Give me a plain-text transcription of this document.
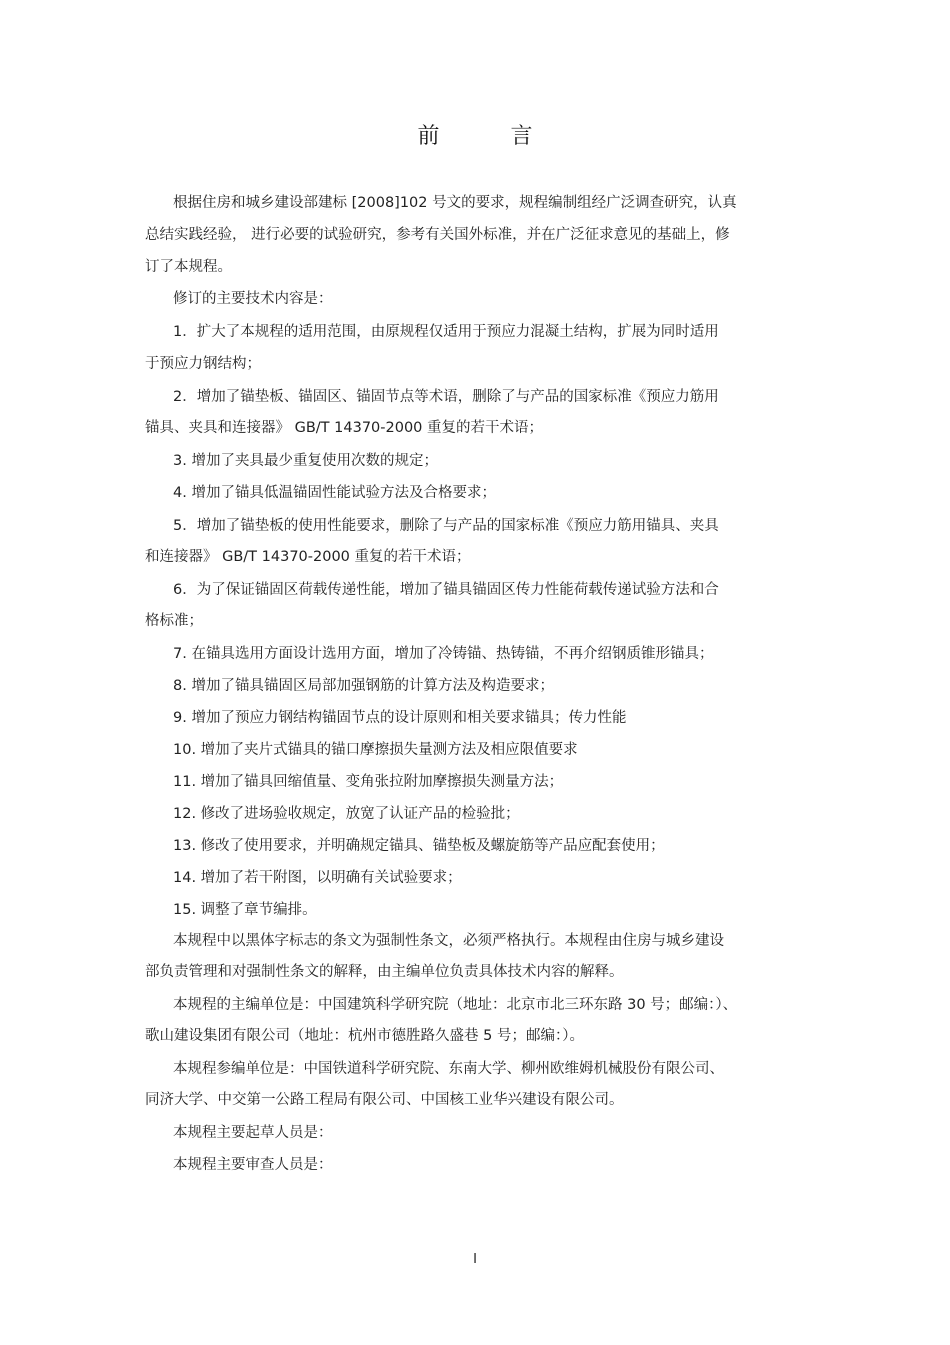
前 言
根据住房和城乡建设部建标 [2008]102 号文的要求，规程编制组经广泛调查研究，认真
总结实践经验， 进行必要的试验研究，参考有关国外标准，并在广泛征求意见的基础上，修
订了本规程。
修订的主要技术内容是：
1．扩大了本规程的适用范围，由原规程仅适用于预应力混凝土结构，扩展为同时适用
于预应力钢结构；
2．增加了锚垫板、锚固区、锚固节点等术语，删除了与产品的国家标准《预应力筋用
锚具、夹具和连接器》 GB/T 14370-2000 重复的若干术语；
3. 增加了夹具最少重复使用次数的规定；
4. 增加了锚具低温锚固性能试验方法及合格要求；
5．增加了锚垫板的使用性能要求，删除了与产品的国家标准《预应力筋用锚具、夹具
和连接器》 GB/T 14370-2000 重复的若干术语；
6．为了保证锚固区荷载传递性能，增加了锚具锚固区传力性能荷载传递试验方法和合
格标准；
7. 在锚具选用方面设计选用方面，增加了冷铸锚、热铸锚，不再介绍钢质锥形锚具；
8. 增加了锚具锚固区局部加强钢筋的计算方法及构造要求；
9. 增加了预应力钢结构锚固节点的设计原则和相关要求锚具；传力性能
10. 增加了夹片式锚具的锚口摩擦损失量测方法及相应限值要求
11. 增加了锚具回缩值量、变角张拉附加摩擦损失测量方法；
12. 修改了进场验收规定，放宽了认证产品的检验批；
13. 修改了使用要求，并明确规定锚具、锚垫板及螺旋筋等产品应配套使用；
14. 增加了若干附图，以明确有关试验要求；
15. 调整了章节编排。
本规程中以黑体字标志的条文为强制性条文，必须严格执行。本规程由住房与城乡建设
部负责管理和对强制性条文的解释，由主编单位负责具体技术内容的解释。
本规程的主编单位是：中国建筑科学研究院（地址：北京市北三环东路 30 号；邮编：）、
歌山建设集团有限公司（地址：杭州市德胜路久盛巷 5 号；邮编：）。
本规程参编单位是：中国铁道科学研究院、东南大学、柳州欧维姆机械股份有限公司、
同济大学、中交第一公路工程局有限公司、中国核工业华兴建设有限公司。
本规程主要起草人员是：
本规程主要审查人员是：
I
